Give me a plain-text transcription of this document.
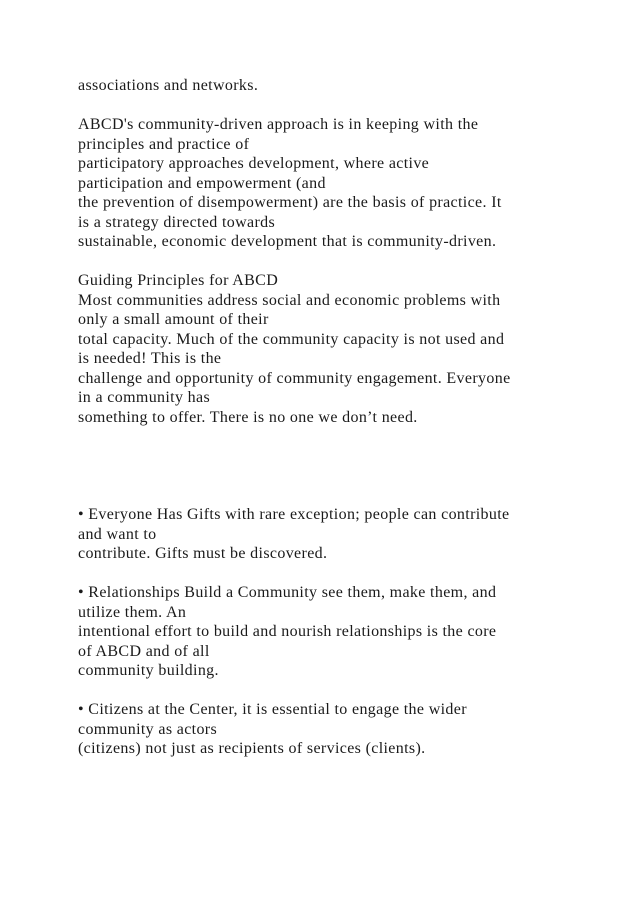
associations and networks.
ABCD's community-driven approach is in keeping with the
principles and practice of
participatory approaches development, where active
participation and empowerment (and
the prevention of disempowerment) are the basis of practice. It
is a strategy directed towards
sustainable, economic development that is community-driven.
Guiding Principles for ABCD
Most communities address social and economic problems with
only a small amount of their
total capacity. Much of the community capacity is not used and
is needed! This is the
challenge and opportunity of community engagement. Everyone
in a community has
something to offer. There is no one we don’t need.
• Everyone Has Gifts with rare exception; people can contribute
and want to
contribute. Gifts must be discovered.
• Relationships Build a Community see them, make them, and
utilize them. An
intentional effort to build and nourish relationships is the core
of ABCD and of all
community building.
• Citizens at the Center, it is essential to engage the wider
community as actors
(citizens) not just as recipients of services (clients).
